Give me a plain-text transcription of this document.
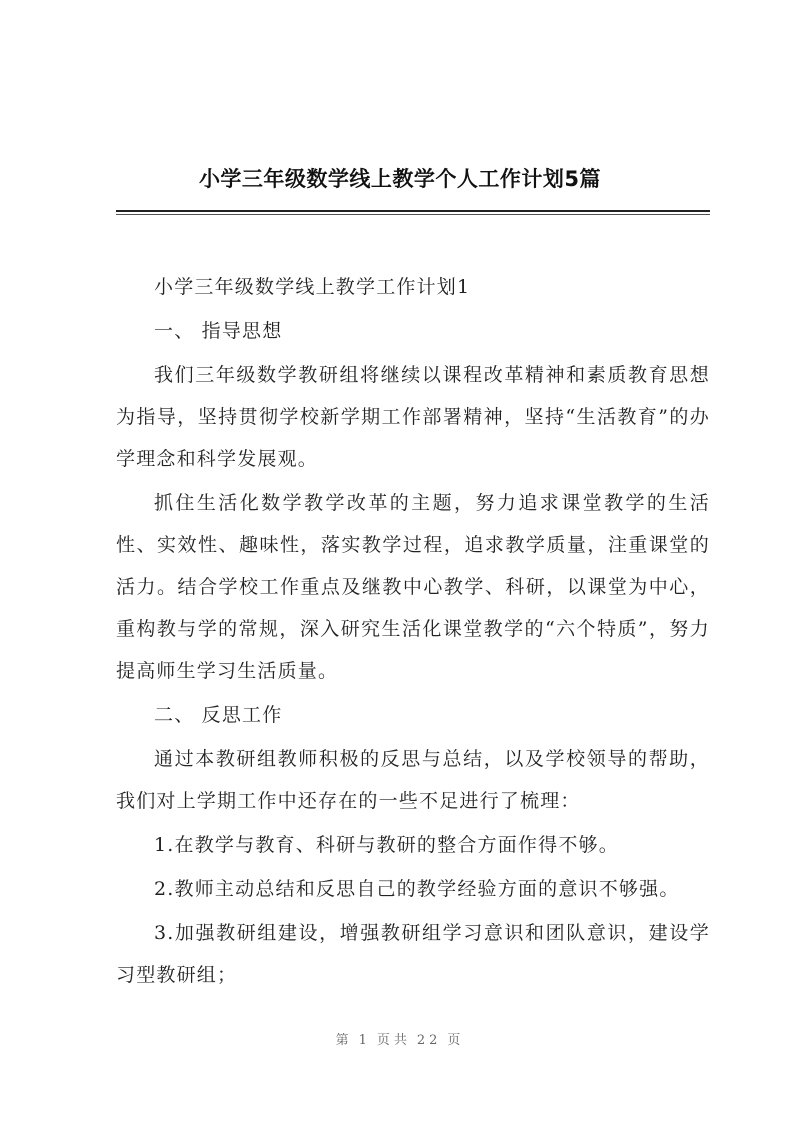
小学三年级数学线上教学个人工作计划5篇

小学三年级数学线上教学工作计划1

一、 指导思想

我们三年级数学教研组将继续以课程改革精神和素质教育思想为指导，坚持贯彻学校新学期工作部署精神，坚持“生活教育”的办学理念和科学发展观。

抓住生活化数学教学改革的主题，努力追求课堂教学的生活性、实效性、趣味性，落实教学过程，追求教学质量，注重课堂的活力。结合学校工作重点及继教中心教学、科研，以课堂为中心，重构教与学的常规，深入研究生活化课堂教学的“六个特质”，努力提高师生学习生活质量。

二、 反思工作

通过本教研组教师积极的反思与总结，以及学校领导的帮助，我们对上学期工作中还存在的一些不足进行了梳理：

1.在教学与教育、科研与教研的整合方面作得不够。

2.教师主动总结和反思自己的教学经验方面的意识不够强。

3.加强教研组建设，增强教研组学习意识和团队意识，建设学习型教研组；

第 1 页共 22 页
